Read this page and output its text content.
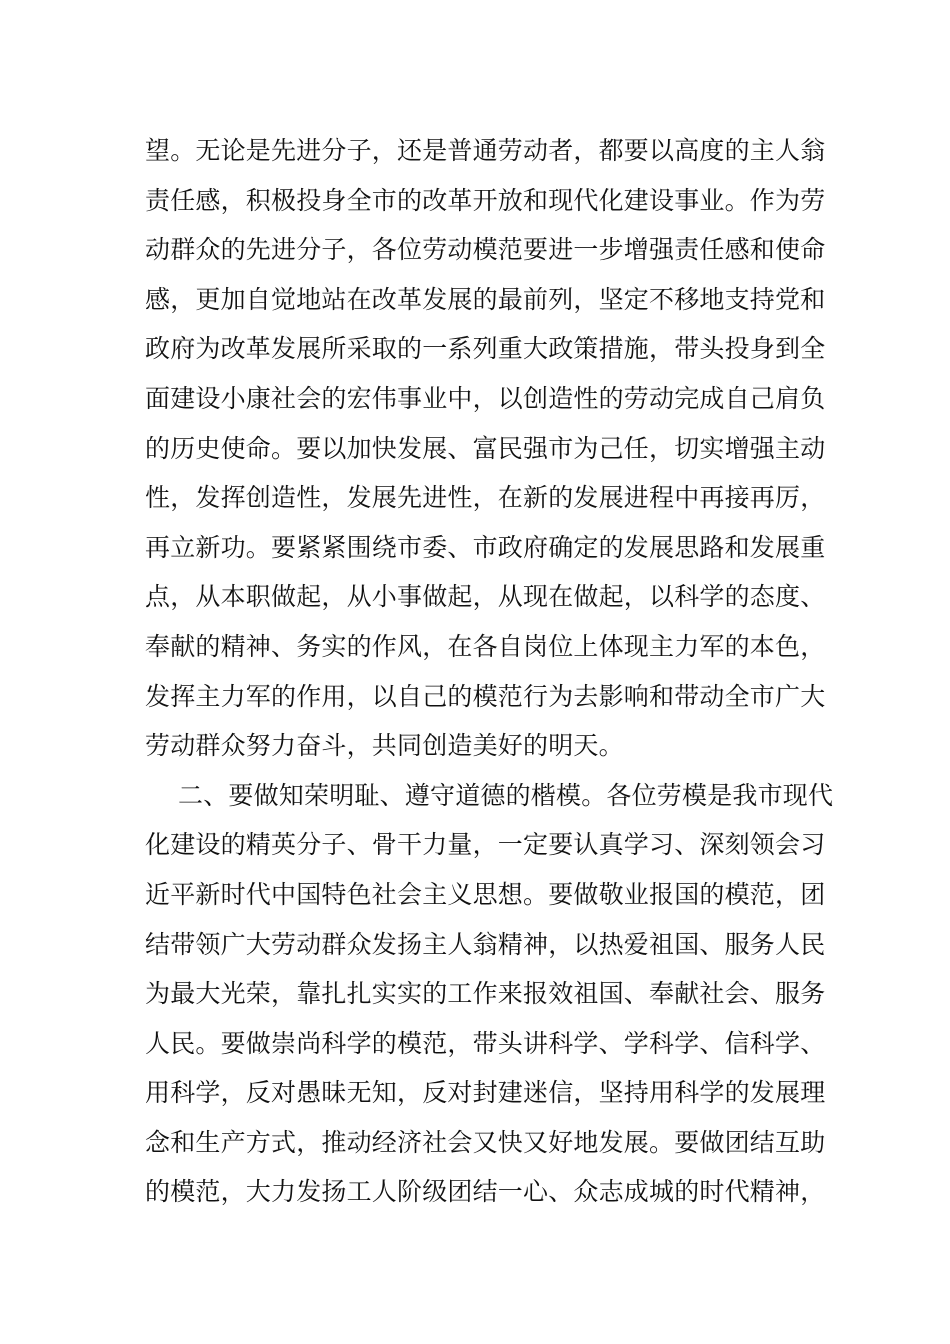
望。无论是先进分子，还是普通劳动者，都要以高度的主人翁
责任感，积极投身全市的改革开放和现代化建设事业。作为劳
动群众的先进分子，各位劳动模范要进一步增强责任感和使命
感，更加自觉地站在改革发展的最前列，坚定不移地支持党和
政府为改革发展所采取的一系列重大政策措施，带头投身到全
面建设小康社会的宏伟事业中，以创造性的劳动完成自己肩负
的历史使命。要以加快发展、富民强市为己任，切实增强主动
性，发挥创造性，发展先进性，在新的发展进程中再接再厉，
再立新功。要紧紧围绕市委、市政府确定的发展思路和发展重
点，从本职做起，从小事做起，从现在做起，以科学的态度、
奉献的精神、务实的作风，在各自岗位上体现主力军的本色，
发挥主力军的作用，以自己的模范行为去影响和带动全市广大
劳动群众努力奋斗，共同创造美好的明天。
二、要做知荣明耻、遵守道德的楷模。各位劳模是我市现代
化建设的精英分子、骨干力量，一定要认真学习、深刻领会习
近平新时代中国特色社会主义思想。要做敬业报国的模范，团
结带领广大劳动群众发扬主人翁精神，以热爱祖国、服务人民
为最大光荣，靠扎扎实实的工作来报效祖国、奉献社会、服务
人民。要做崇尚科学的模范，带头讲科学、学科学、信科学、
用科学，反对愚昧无知，反对封建迷信，坚持用科学的发展理
念和生产方式，推动经济社会又快又好地发展。要做团结互助
的模范，大力发扬工人阶级团结一心、众志成城的时代精神，
